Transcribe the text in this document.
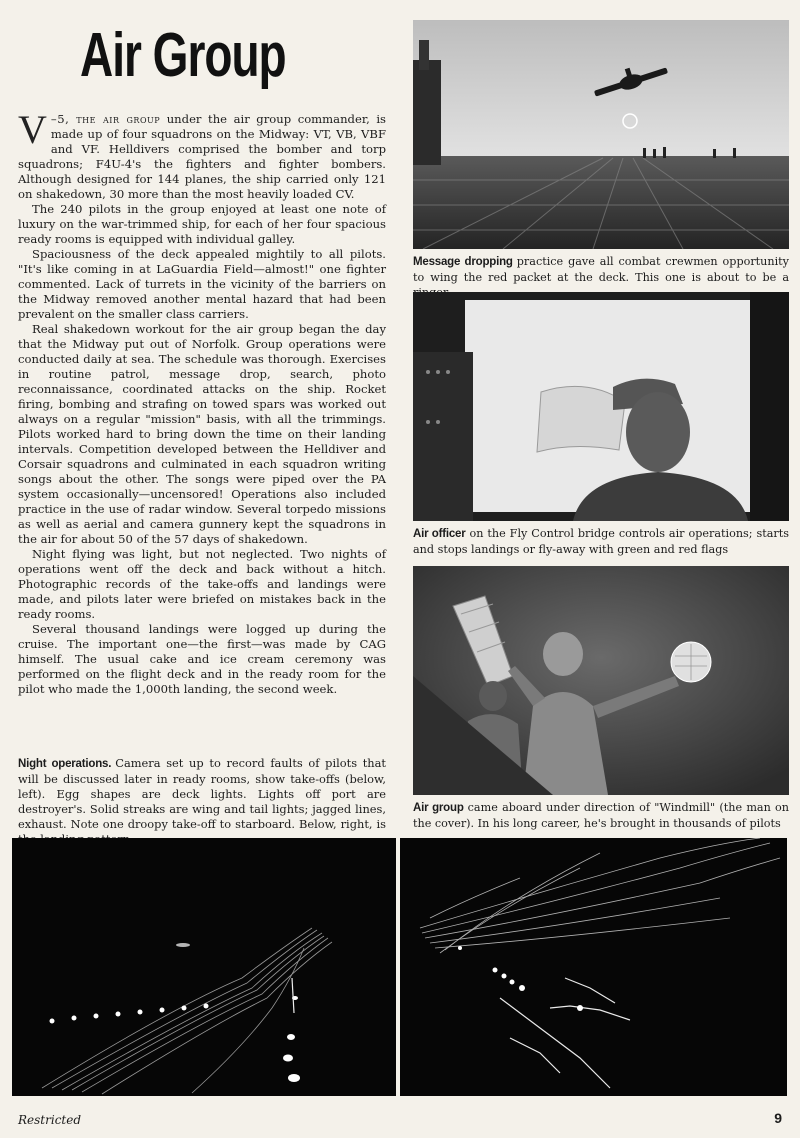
Air Group

V –5, the air group under the air group commander, is made up of four squadrons on the Midway: VT, VB, VBF and VF. Helldivers comprised the bomber and torp squadrons; F4U-4's the fighters and fighter bombers. Although designed for 144 planes, the ship carried only 121 on shakedown, 30 more than the most heavily loaded CV.

The 240 pilots in the group enjoyed at least one note of luxury on the war-trimmed ship, for each of her four spacious ready rooms is equipped with individual galley.

Spaciousness of the deck appealed mightily to all pilots. "It's like coming in at LaGuardia Field—almost!" one fighter commented. Lack of turrets in the vicinity of the barriers on the Midway removed another mental hazard that had been prevalent on the smaller class carriers.

Real shakedown workout for the air group began the day that the Midway put out of Norfolk. Group operations were conducted daily at sea. The schedule was thorough. Exercises in routine patrol, message drop, search, photo reconnaissance, coordinated attacks on the ship. Rocket firing, bombing and strafing on towed spars was worked out always on a regular "mission" basis, with all the trimmings. Pilots worked hard to bring down the time on their landing intervals. Competition developed between the Helldiver and Corsair squadrons and culminated in each squadron writing songs about the other. The songs were piped over the PA system occasionally—uncensored! Operations also included practice in the use of radar window. Several torpedo missions as well as aerial and camera gunnery kept the squadrons in the air for about 50 of the 57 days of shakedown.

Night flying was light, but not neglected. Two nights of operations went off the deck and back without a hitch. Photographic records of the take-offs and landings were made, and pilots later were briefed on mistakes back in the ready rooms.

Several thousand landings were logged up during the cruise. The important one—the first—was made by CAG himself. The usual cake and ice cream ceremony was performed on the flight deck and in the ready room for the pilot who made the 1,000th landing, the second week.

Night operations. Camera set up to record faults of pilots that will be discussed later in ready rooms, show take-offs (below, left). Egg shapes are deck lights. Lights off port are destroyer's. Solid streaks are wing and tail lights; jagged lines, exhaust. Note one droopy take-off to starboard. Below, right, is

Message dropping practice gave all combat crewmen opportunity to wing the red packet at the deck. This one is about to be a

Air officer on the Fly Control bridge controls air operations; starts and stops landings or fly-away with green and red flags

Air group came aboard under direction of "Windmill" (the man on the cover). In his long career, he's brought in thousands of pilots

Restricted	9
